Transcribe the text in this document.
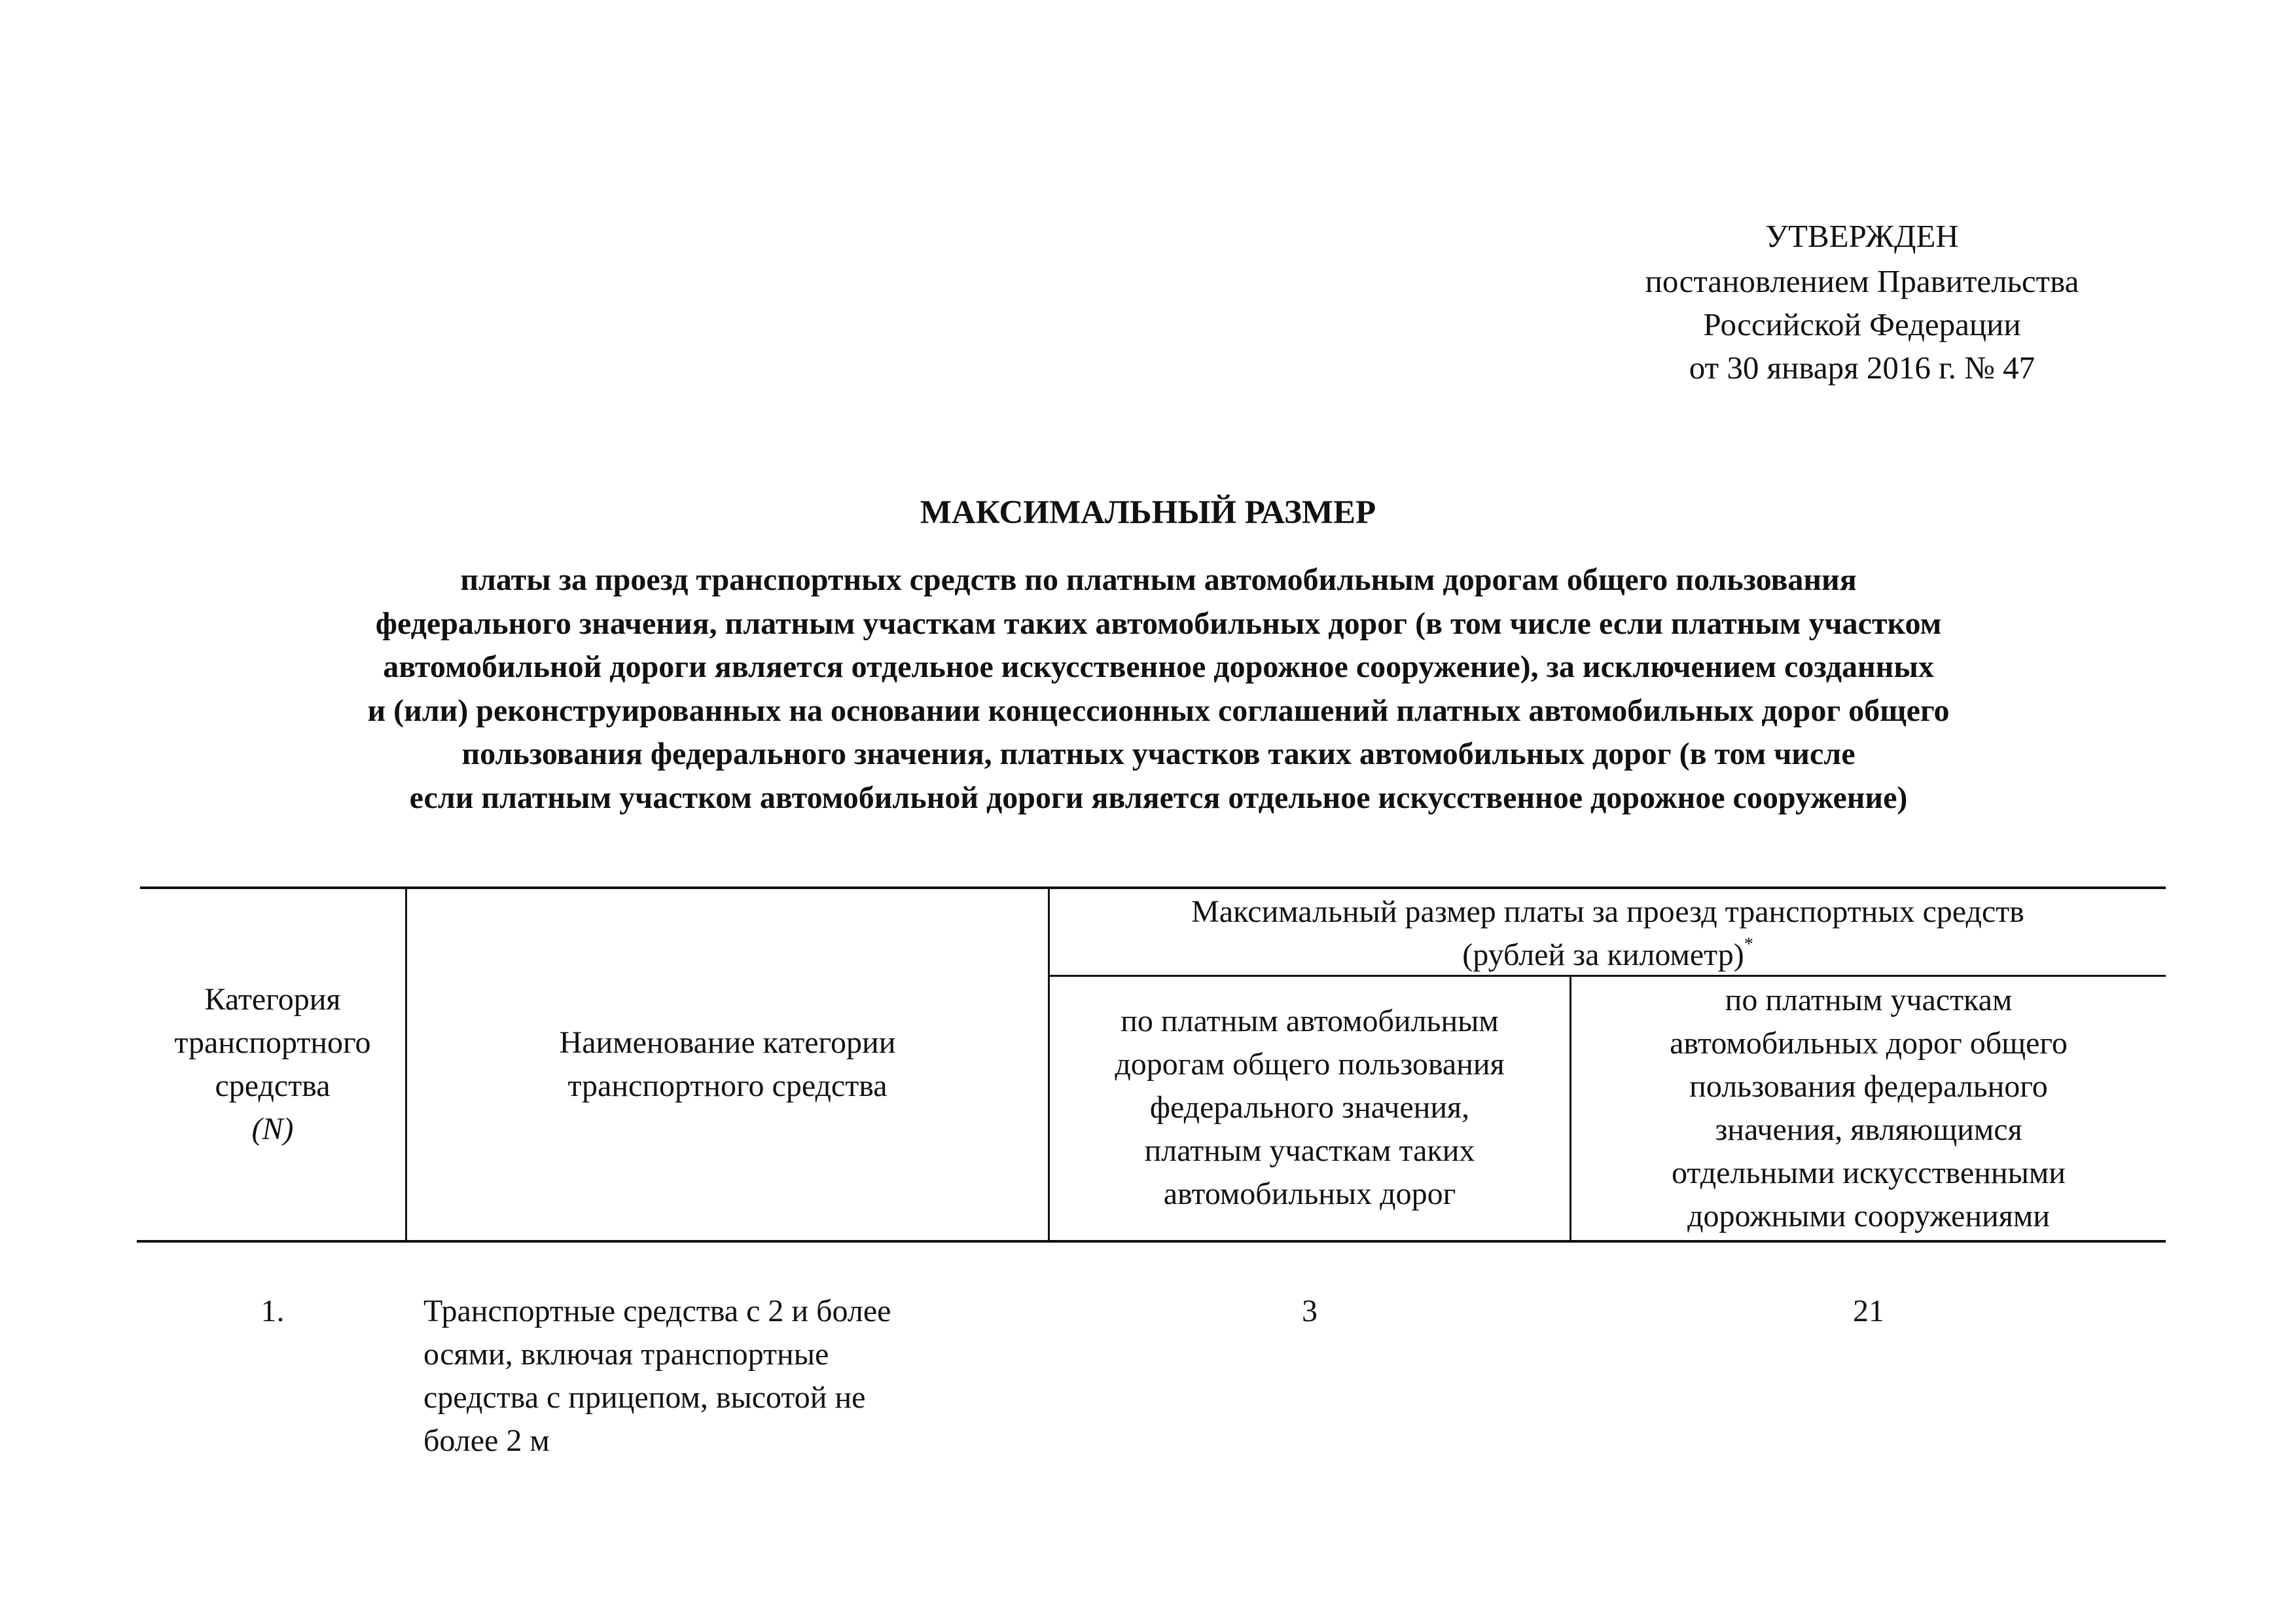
УТВЕРЖДЕН
постановлением Правительства
Российской Федерации
от 30 января 2016 г. № 47
МАКСИМАЛЬНЫЙ РАЗМЕР
платы за проезд транспортных средств по платным автомобильным дорогам общего пользования
федерального значения, платным участкам таких автомобильных дорог (в том числе если платным участком
автомобильной дороги является отдельное искусственное дорожное сооружение), за исключением созданных
и (или) реконструированных на основании концессионных соглашений платных автомобильных дорог общего
пользования федерального значения, платных участков таких автомобильных дорог (в том числе
если платным участком автомобильной дороги является отдельное искусственное дорожное сооружение)
Категория
транспортного
средства
(N)
Наименование категории
транспортного средства
Максимальный размер платы за проезд транспортных средств
(рублей за километр)*
по платным автомобильным
дорогам общего пользования
федерального значения,
платным участкам таких
автомобильных дорог
по платным участкам
автомобильных дорог общего
пользования федерального
значения, являющимся
отдельными искусственными
дорожными сооружениями
1.	Транспортные средства с 2 и более
осями, включая транспортные
средства с прицепом, высотой не
более 2 м
3	21
